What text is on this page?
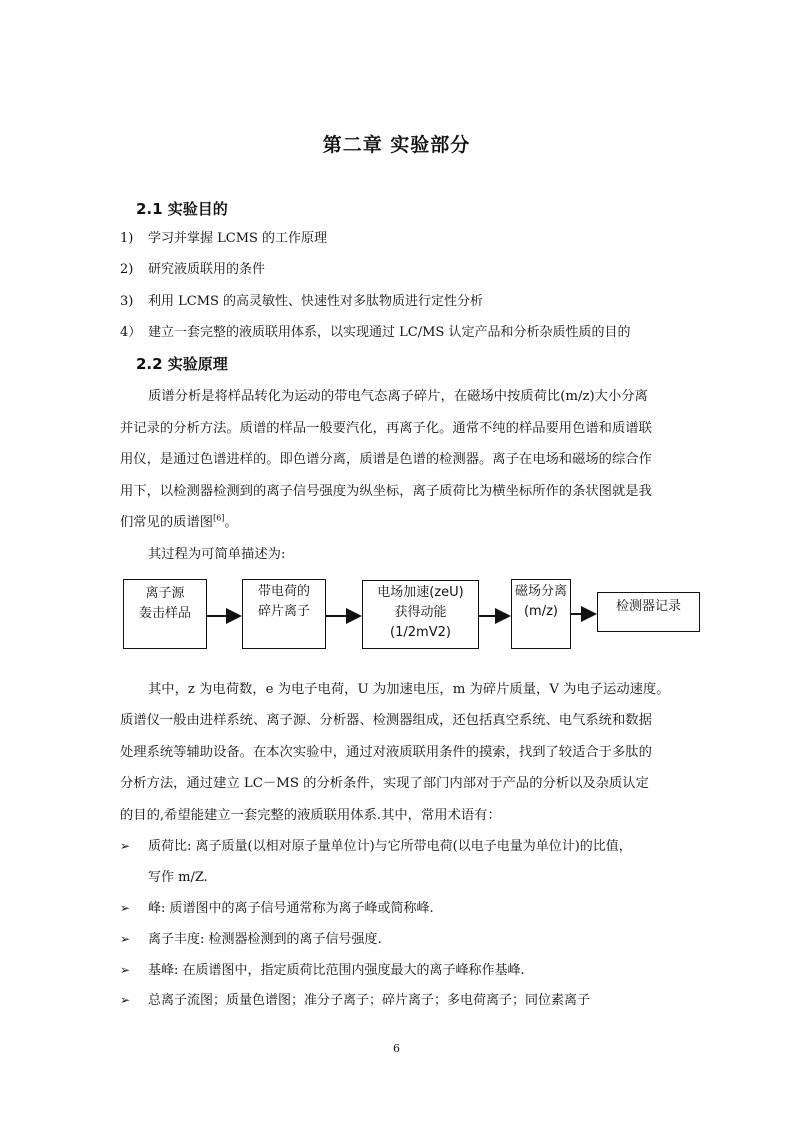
第二章 实验部分
2.1 实验目的
1) 学习并掌握 LCMS 的工作原理
2) 研究液质联用的条件
3) 利用 LCMS 的高灵敏性、快速性对多肽物质进行定性分析
4） 建立一套完整的液质联用体系，以实现通过 LC/MS 认定产品和分析杂质性质的目的
2.2 实验原理
质谱分析是将样品转化为运动的带电气态离子碎片，在磁场中按质荷比(m/z)大小分离
并记录的分析方法。质谱的样品一般要汽化，再离子化。通常不纯的样品要用色谱和质谱联
用仪，是通过色谱进样的。即色谱分离，质谱是色谱的检测器。离子在电场和磁场的综合作
用下，以检测器检测到的离子信号强度为纵坐标，离子质荷比为横坐标所作的条状图就是我
们常见的质谱图[6]。
其过程为可简单描述为:
离子源
轰击样品
带电荷的
碎片离子
电场加速(zeU)
获得动能
(1/2mV2)
磁场分离
(m/z)	检测器记录
其中，z 为电荷数，e 为电子电荷，U 为加速电压，m 为碎片质量，V 为电子运动速度。
质谱仪一般由进样系统、离子源、分析器、检测器组成，还包括真空系统、电气系统和数据
处理系统等辅助设备。在本次实验中，通过对液质联用条件的摸索，找到了较适合于多肽的
分析方法，通过建立 LC－MS 的分析条件，实现了部门内部对于产品的分析以及杂质认定
的目的,希望能建立一套完整的液质联用体系.其中，常用术语有：
➢ 质荷比: 离子质量(以相对原子量单位计)与它所带电荷(以电子电量为单位计)的比值，
写作 m/Z.
➢ 峰: 质谱图中的离子信号通常称为离子峰或简称峰.
➢ 离子丰度: 检测器检测到的离子信号强度.
➢ 基峰: 在质谱图中，指定质荷比范围内强度最大的离子峰称作基峰.
➢ 总离子流图；质量色谱图；准分子离子；碎片离子；多电荷离子；同位素离子
6
